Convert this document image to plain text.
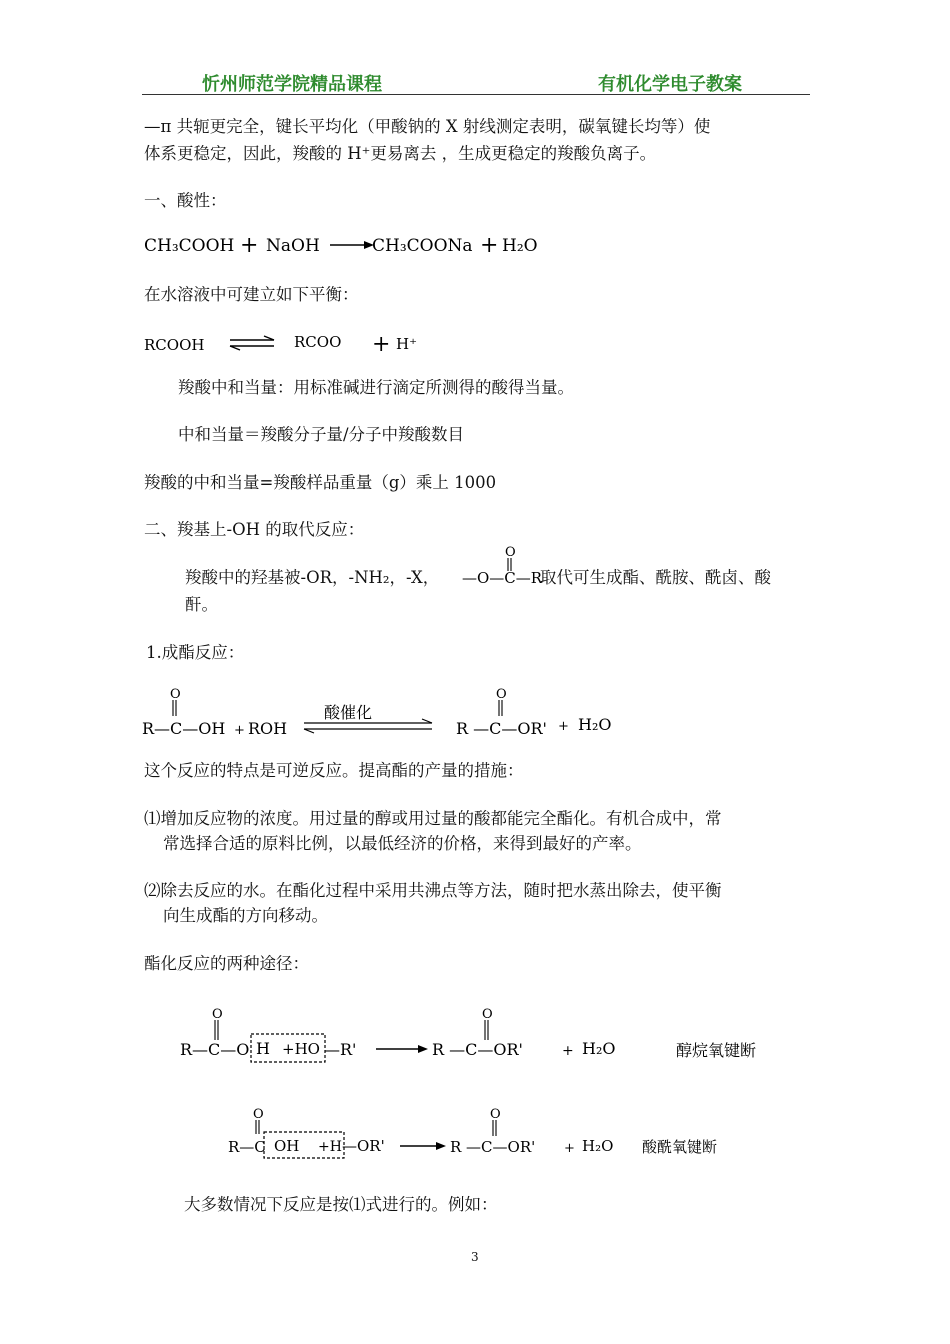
忻州师范学院精品课程	有机化学电子教案
—π 共轭更完全，键长平均化（甲酸钠的 X 射线测定表明，碳氧键长均等）使
体系更稳定，因此，羧酸的 H⁺更易离去 ，生成更稳定的羧酸负离子。
一、酸性：
CH₃COOH + NaOH	CH₃COONa + H₂O
在水溶液中可建立如下平衡：
RCOOH	RCOO + H⁺
羧酸中和当量：用标准碱进行滴定所测得的酸得当量。
中和当量＝羧酸分子量/分子中羧酸数目
羧酸的中和当量=羧酸样品重量（g）乘上 1000
二、羧基上-OH 的取代反应：
羧酸中的羟基被-OR，-NH₂，-X，
O
—O—C—R
取代可生成酯、酰胺、酰卤、酸
酐。
1.成酯反应：
O
R—C—OH + ROH
酸催化
O
R —C—OR' + H₂O
这个反应的特点是可逆反应。提高酯的产量的措施：
⑴增加反应物的浓度。用过量的醇或用过量的酸都能完全酯化。有机合成中，常
常选择合适的原料比例，以最低经济的价格，来得到最好的产率。
⑵除去反应的水。在酯化过程中采用共沸点等方法，随时把水蒸出除去，使平衡
向生成酯的方向移动。
酯化反应的两种途径：
O
R—C—O H +HO —R'
O
R —C—OR'	+ H₂O	醇烷氧键断
O
R—C OH +H —OR'
O
R —C—OR' + H₂O 酸酰氧键断
大多数情况下反应是按⑴式进行的。例如：
3
